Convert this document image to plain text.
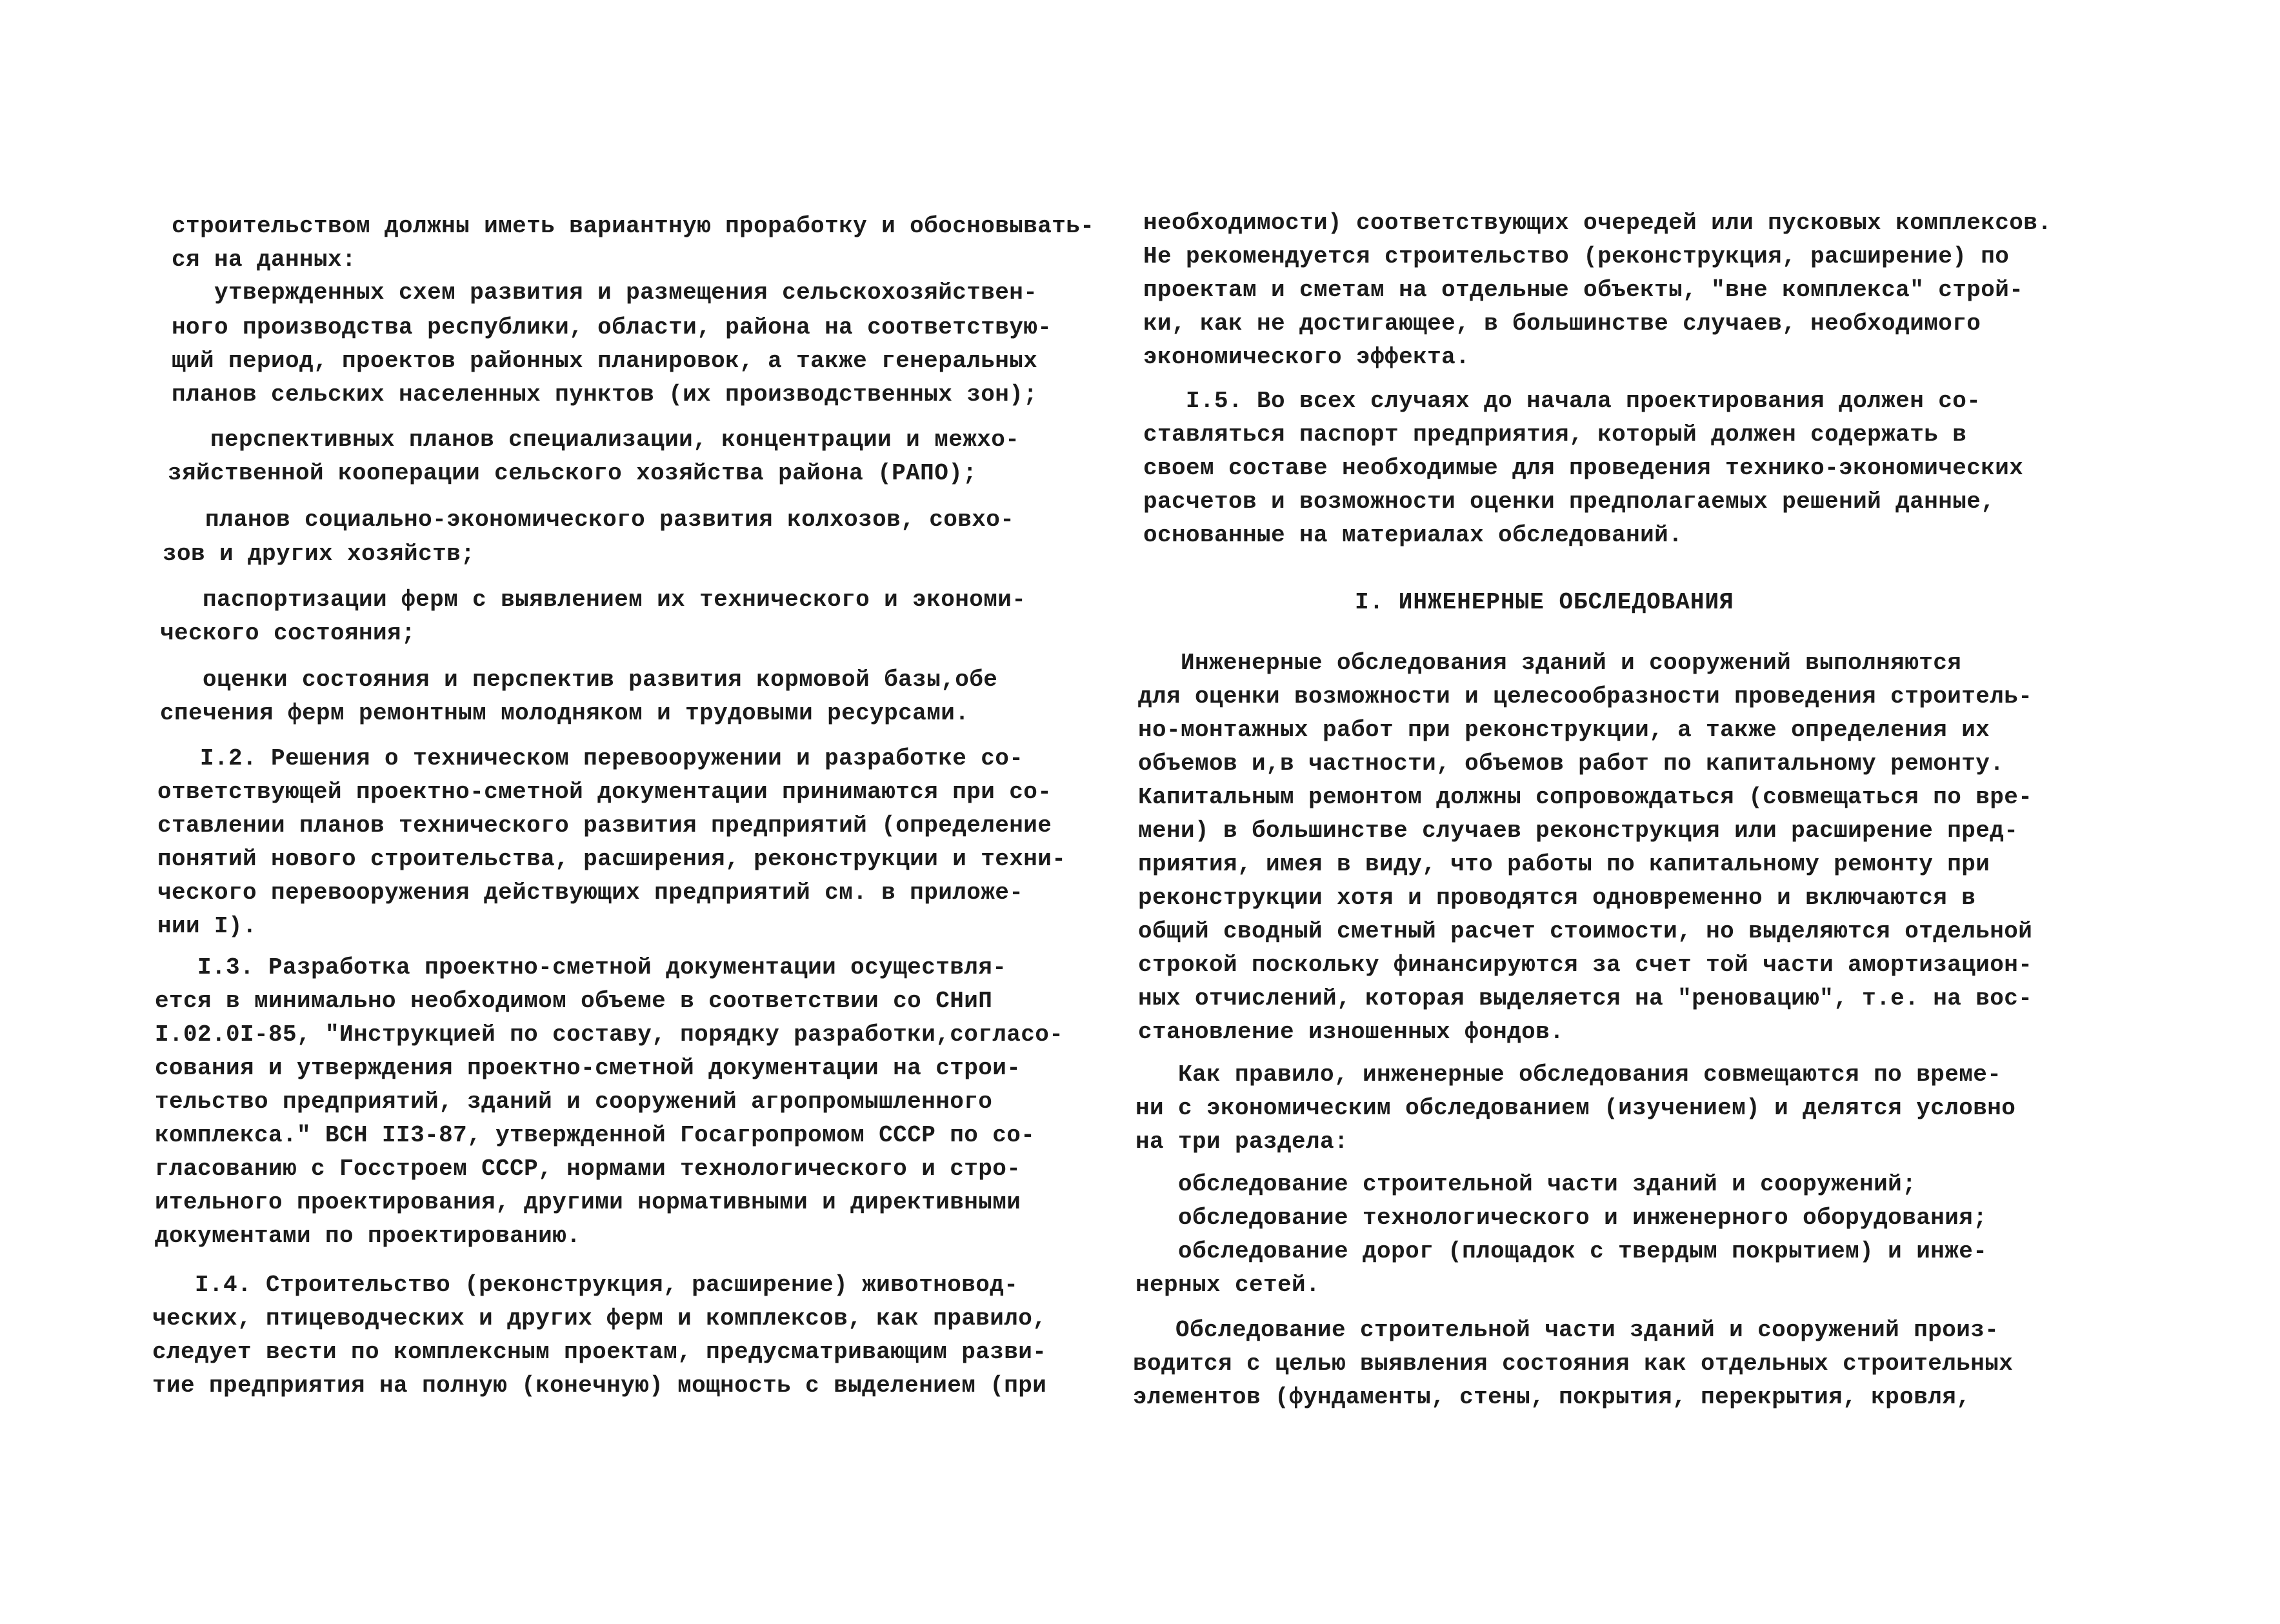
строительством должны иметь вариантную проработку и обосновывать-
ся на данных:
утвержденных схем развития и размещения сельскохозяйствен-
ного производства республики, области, района на соответствую-
щий период, проектов районных планировок, а также генеральных
планов сельских населенных пунктов (их производственных зон);
перспективных планов специализации, концентрации и межхо-
зяйственной кооперации сельского хозяйства района (РАПО);
планов социально-экономического развития колхозов, совхо-
зов и других хозяйств;
паспортизации ферм с выявлением их технического и экономи-
ческого состояния;
оценки состояния и перспектив развития кормовой базы,обе
спечения ферм ремонтным молодняком и трудовыми ресурсами.
I.2. Решения о техническом перевооружении и разработке со-
ответствующей проектно-сметной документации принимаются при со-
ставлении планов технического развития предприятий (определение
понятий нового строительства, расширения, реконструкции и техни-
ческого перевооружения действующих предприятий см. в приложе-
нии I).
I.3. Разработка проектно-сметной документации осуществля-
ется в минимально необходимом объеме в соответствии со СНиП
I.02.0I-85, "Инструкцией по составу, порядку разработки,согласо-
сования и утверждения проектно-сметной документации на строи-
тельство предприятий, зданий и сооружений агропромышленного
комплекса." ВСН II3-87, утвержденной Госагропромом СССР по со-
гласованию с Госстроем СССР, нормами технологического и стро-
ительного проектирования, другими нормативными и директивными
документами по проектированию.
I.4. Строительство (реконструкция, расширение) животновод-
ческих, птицеводческих и других ферм и комплексов, как правило,
следует вести по комплексным проектам, предусматривающим разви-
тие предприятия на полную (конечную) мощность с выделением (при
необходимости) соответствующих очередей или пусковых комплексов.
Не рекомендуется строительство (реконструкция, расширение) по
проектам и сметам на отдельные объекты, "вне комплекса" строй-
ки, как не достигающее, в большинстве случаев, необходимого
экономического эффекта.
I.5. Во всех случаях до начала проектирования должен со-
ставляться паспорт предприятия, который должен содержать в
своем составе необходимые для проведения технико-экономических
расчетов и возможности оценки предполагаемых решений данные,
основанные на материалах обследований.
I. ИНЖЕНЕРНЫЕ ОБСЛЕДОВАНИЯ
Инженерные обследования зданий и сооружений выполняются
для оценки возможности и целесообразности проведения строитель-
но-монтажных работ при реконструкции, а также определения их
объемов и,в частности, объемов работ по капитальному ремонту.
Капитальным ремонтом должны сопровождаться (совмещаться по вре-
мени) в большинстве случаев реконструкция или расширение пред-
приятия, имея в виду, что работы по капитальному ремонту при
реконструкции хотя и проводятся одновременно и включаются в
общий сводный сметный расчет стоимости, но выделяются отдельной
строкой поскольку финансируются за счет той части амортизацион-
ных отчислений, которая выделяется на "реновацию", т.е. на вос-
становление изношенных фондов.
Как правило, инженерные обследования совмещаются по време-
ни с экономическим обследованием (изучением) и делятся условно
на три раздела:
обследование строительной части зданий и сооружений;
обследование технологического и инженерного оборудования;
обследование дорог (площадок с твердым покрытием) и инже-
нерных сетей.
Обследование строительной части зданий и сооружений произ-
водится с целью выявления состояния как отдельных строительных
элементов (фундаменты, стены, покрытия, перекрытия, кровля,
